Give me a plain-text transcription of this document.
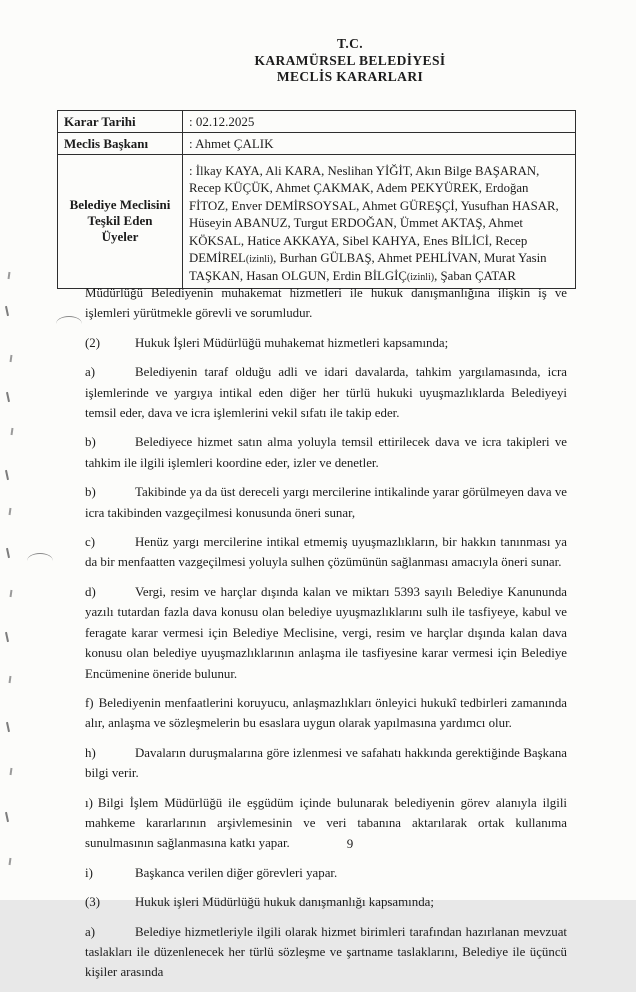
T.C.
KARAMÜRSEL BELEDİYESİ
MECLİS KARARLARI
Karar Tarihi	: 02.12.2025
Meclis Başkanı	: Ahmet ÇALIK
Belediye Meclisini Teşkil Eden Üyeler	: İlkay KAYA, Ali KARA, Neslihan YİĞİT, Akın Bilge BAŞARAN, Recep KÜÇÜK, Ahmet ÇAKMAK, Adem PEKYÜREK, Erdoğan FİTOZ, Enver DEMİRSOYSAL, Ahmet GÜREŞÇİ, Yusufhan HASAR, Hüseyin ABANUZ, Turgut ERDOĞAN, Ümmet AKTAŞ, Ahmet KÖKSAL, Hatice AKKAYA, Sibel KAHYA, Enes BİLİCİ, Recep DEMİREL(izinli), Burhan GÜLBAŞ, Ahmet PEHLİVAN, Murat Yasin TAŞKAN, Hasan OLGUN, Erdin BİLGİÇ(izinli), Şaban ÇATAR
Müdürlüğü Belediyenin muhakemat hizmetleri ile hukuk danışmanlığına ilişkin iş ve işlemleri yürütmekle görevli ve sorumludur.
(2)	Hukuk İşleri Müdürlüğü muhakemat hizmetleri kapsamında;
a)	Belediyenin taraf olduğu adli ve idari davalarda, tahkim yargılamasında, icra işlemlerinde ve yargıya intikal eden diğer her türlü hukuki uyuşmazlıklarda Belediyeyi temsil eder, dava ve icra işlemlerini vekil sıfatı ile takip eder.
b)	Belediyece hizmet satın alma yoluyla temsil ettirilecek dava ve icra takipleri ve tahkim ile ilgili işlemleri koordine eder, izler ve denetler.
b)	Takibinde ya da üst dereceli yargı mercilerine intikalinde yarar görülmeyen dava ve icra takibinden vazgeçilmesi konusunda öneri sunar,
c)	Henüz yargı mercilerine intikal etmemiş uyuşmazlıkların, bir hakkın tanınması ya da bir menfaatten vazgeçilmesi yoluyla sulhen çözümünün sağlanması amacıyla öneri sunar.
d)	Vergi, resim ve harçlar dışında kalan ve miktarı 5393 sayılı Belediye Kanununda yazılı tutardan fazla dava konusu olan belediye uyuşmazlıklarını sulh ile tasfiyeye, kabul ve feragate karar vermesi için Belediye Meclisine, vergi, resim ve harçlar dışında kalan dava konusu olan belediye uyuşmazlıklarının anlaşma ile tasfiyesine karar vermesi için Belediye Encümenine öneride bulunur.
f) Belediyenin menfaatlerini koruyucu, anlaşmazlıkları önleyici hukukî tedbirleri zamanında alır, anlaşma ve sözleşmelerin bu esaslara uygun olarak yapılmasına yardımcı olur.
h)	Davaların duruşmalarına göre izlenmesi ve safahatı hakkında gerektiğinde Başkana bilgi verir.
ı) Bilgi İşlem Müdürlüğü ile eşgüdüm içinde bulunarak belediyenin görev alanıyla ilgili mahkeme kararlarının arşivlemesinin ve veri tabanına aktarılarak ortak kullanıma sunulmasının sağlanmasına katkı yapar.
i)	Başkanca verilen diğer görevleri yapar.
(3)	Hukuk işleri Müdürlüğü hukuk danışmanlığı kapsamında;
a)	Belediye hizmetleriyle ilgili olarak hizmet birimleri tarafından hazırlanan mevzuat taslakları ile düzenlenecek her türlü sözleşme ve şartname taslaklarını, Belediye ile üçüncü kişiler arasında
9
